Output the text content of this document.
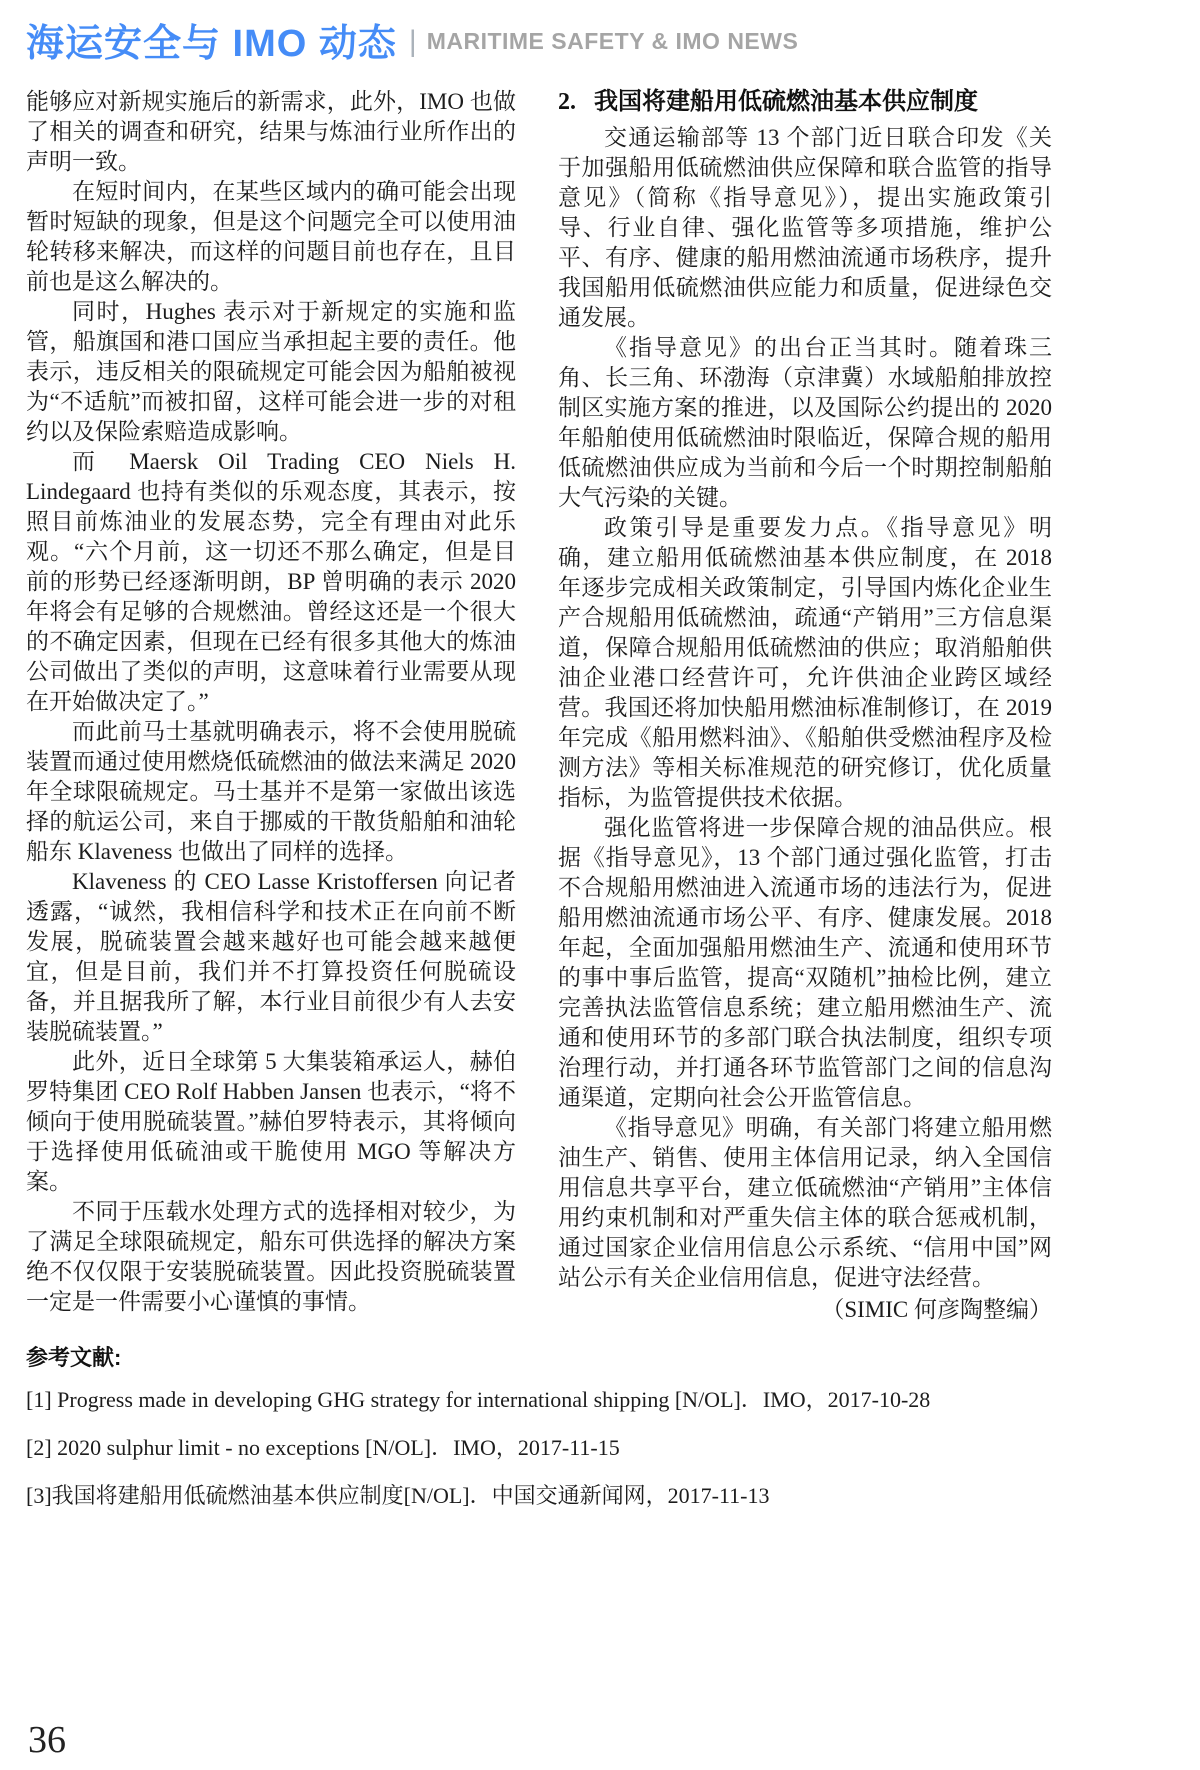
海运安全与 IMO 动态 | MARITIME SAFETY & IMO NEWS

能够应对新规实施后的新需求，此外，IMO 也做了相关的调查和研究，结果与炼油行业所作出的声明一致。

在短时间内，在某些区域内的确可能会出现暂时短缺的现象，但是这个问题完全可以使用油轮转移来解决，而这样的问题目前也存在，且目前也是这么解决的。

同时，Hughes 表示对于新规定的实施和监管，船旗国和港口国应当承担起主要的责任。他表示，违反相关的限硫规定可能会因为船舶被视为“不适航”而被扣留，这样可能会进一步的对租约以及保险索赔造成影响。

而 Maersk Oil Trading CEO Niels H. Lindegaard 也持有类似的乐观态度，其表示，按照目前炼油业的发展态势，完全有理由对此乐观。“六个月前，这一切还不那么确定，但是目前的形势已经逐渐明朗，BP 曾明确的表示 2020 年将会有足够的合规燃油。曾经这还是一个很大的不确定因素，但现在已经有很多其他大的炼油公司做出了类似的声明，这意味着行业需要从现在开始做决定了。”

而此前马士基就明确表示，将不会使用脱硫装置而通过使用燃烧低硫燃油的做法来满足 2020 年全球限硫规定。马士基并不是第一家做出该选择的航运公司，来自于挪威的干散货船舶和油轮船东 Klaveness 也做出了同样的选择。

Klaveness 的 CEO Lasse Kristoffersen 向记者透露，“诚然，我相信科学和技术正在向前不断发展，脱硫装置会越来越好也可能会越来越便宜，但是目前，我们并不打算投资任何脱硫设备，并且据我所了解，本行业目前很少有人去安装脱硫装置。”

此外，近日全球第 5 大集装箱承运人，赫伯罗特集团 CEO Rolf Habben Jansen 也表示，“将不倾向于使用脱硫装置。”赫伯罗特表示，其将倾向于选择使用低硫油或干脆使用 MGO 等解决方案。

不同于压载水处理方式的选择相对较少，为了满足全球限硫规定，船东可供选择的解决方案绝不仅仅限于安装脱硫装置。因此投资脱硫装置一定是一件需要小心谨慎的事情。

2. 我国将建船用低硫燃油基本供应制度

交通运输部等 13 个部门近日联合印发《关于加强船用低硫燃油供应保障和联合监管的指导意见》（简称《指导意见》），提出实施政策引导、行业自律、强化监管等多项措施，维护公平、有序、健康的船用燃油流通市场秩序，提升我国船用低硫燃油供应能力和质量，促进绿色交通发展。

《指导意见》的出台正当其时。随着珠三角、长三角、环渤海（京津冀）水域船舶排放控制区实施方案的推进，以及国际公约提出的 2020 年船舶使用低硫燃油时限临近，保障合规的船用低硫燃油供应成为当前和今后一个时期控制船舶大气污染的关键。

政策引导是重要发力点。《指导意见》明确，建立船用低硫燃油基本供应制度，在 2018 年逐步完成相关政策制定，引导国内炼化企业生产合规船用低硫燃油，疏通“产销用”三方信息渠道，保障合规船用低硫燃油的供应；取消船舶供油企业港口经营许可，允许供油企业跨区域经营。我国还将加快船用燃油标准制修订，在 2019 年完成《船用燃料油》、《船舶供受燃油程序及检测方法》等相关标准规范的研究修订，优化质量指标，为监管提供技术依据。

强化监管将进一步保障合规的油品供应。根据《指导意见》，13 个部门通过强化监管，打击不合规船用燃油进入流通市场的违法行为，促进船用燃油流通市场公平、有序、健康发展。2018 年起，全面加强船用燃油生产、流通和使用环节的事中事后监管，提高“双随机”抽检比例，建立完善执法监管信息系统；建立船用燃油生产、流通和使用环节的多部门联合执法制度，组织专项治理行动，并打通各环节监管部门之间的信息沟通渠道，定期向社会公开监管信息。

《指导意见》明确，有关部门将建立船用燃油生产、销售、使用主体信用记录，纳入全国信用信息共享平台，建立低硫燃油“产销用”主体信用约束机制和对严重失信主体的联合惩戒机制，通过国家企业信用信息公示系统、“信用中国”网站公示有关企业信用信息，促进守法经营。

（SIMIC 何彦陶整编）

参考文献:

[1] Progress made in developing GHG strategy for international shipping [N/OL]．IMO，2017-10-28

[2] 2020 sulphur limit - no exceptions [N/OL]．IMO，2017-11-15

[3]我国将建船用低硫燃油基本供应制度[N/OL]．中国交通新闻网，2017-11-13

36
